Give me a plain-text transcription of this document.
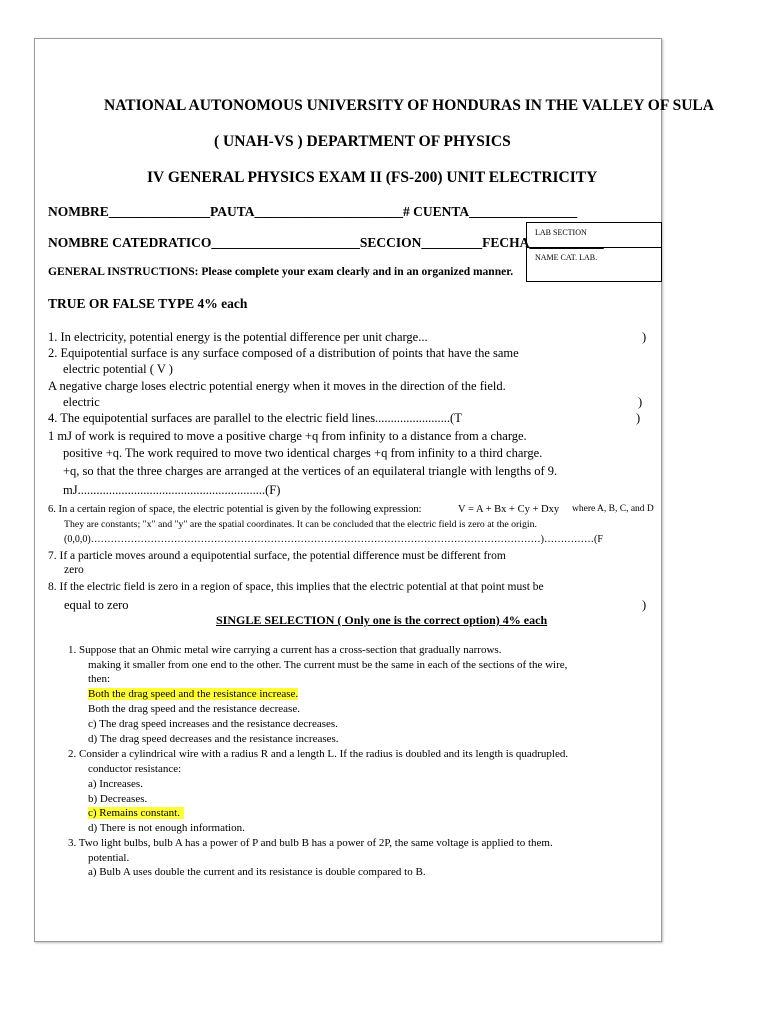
NATIONAL AUTONOMOUS UNIVERSITY OF HONDURAS IN THE VALLEY OF SULA
( UNAH-VS ) DEPARTMENT OF PHYSICS
IV GENERAL PHYSICS EXAM II (FS-200) UNIT ELECTRICITY
NOMBRE_______________PAUTA______________________# CUENTA________________
NOMBRE CATEDRATICO______________________SECCION_________FECHA___________
LAB SECTION
NAME CAT. LAB.
GENERAL INSTRUCTIONS: Please complete your exam clearly and in an organized manner.
TRUE OR FALSE TYPE 4% each
1. In electricity, potential energy is the potential difference per unit charge...	)
2. Equipotential surface is any surface composed of a distribution of points that have the same
electric potential ( V )
A negative charge loses electric potential energy when it moves in the direction of the field.
electric	)
4. The equipotential surfaces are parallel to the electric field lines........................(T	)
1 mJ of work is required to move a positive charge +q from infinity to a distance from a charge.
positive +q. The work required to move two identical charges +q from infinity to a third charge.
+q, so that the three charges are arranged at the vertices of an equilateral triangle with lengths of 9.
mJ............................................................(F)
6. In a certain region of space, the electric potential is given by the following expression:	V = A + Bx + Cy + Dxy where A, B, C, and D
They are constants; "x" and "y" are the spatial coordinates. It can be concluded that the electric field is zero at the origin.
(0,0,0)………………………………………………………………………………………………………………………)……………(F
7. If a particle moves around a equipotential surface, the potential difference must be different from
zero
8. If the electric field is zero in a region of space, this implies that the electric potential at that point must be
equal to zero	)
SINGLE SELECTION ( Only one is the correct option) 4% each
1. Suppose that an Ohmic metal wire carrying a current has a cross-section that gradually narrows.
making it smaller from one end to the other. The current must be the same in each of the sections of the wire,
then:
Both the drag speed and the resistance increase.
Both the drag speed and the resistance decrease.
c) The drag speed increases and the resistance decreases.
d) The drag speed decreases and the resistance increases.
2. Consider a cylindrical wire with a radius R and a length L. If the radius is doubled and its length is quadrupled.
conductor resistance:
a) Increases.
b) Decreases.
c) Remains constant.
d) There is not enough information.
3. Two light bulbs, bulb A has a power of P and bulb B has a power of 2P, the same voltage is applied to them.
potential.
a) Bulb A uses double the current and its resistance is double compared to B.
